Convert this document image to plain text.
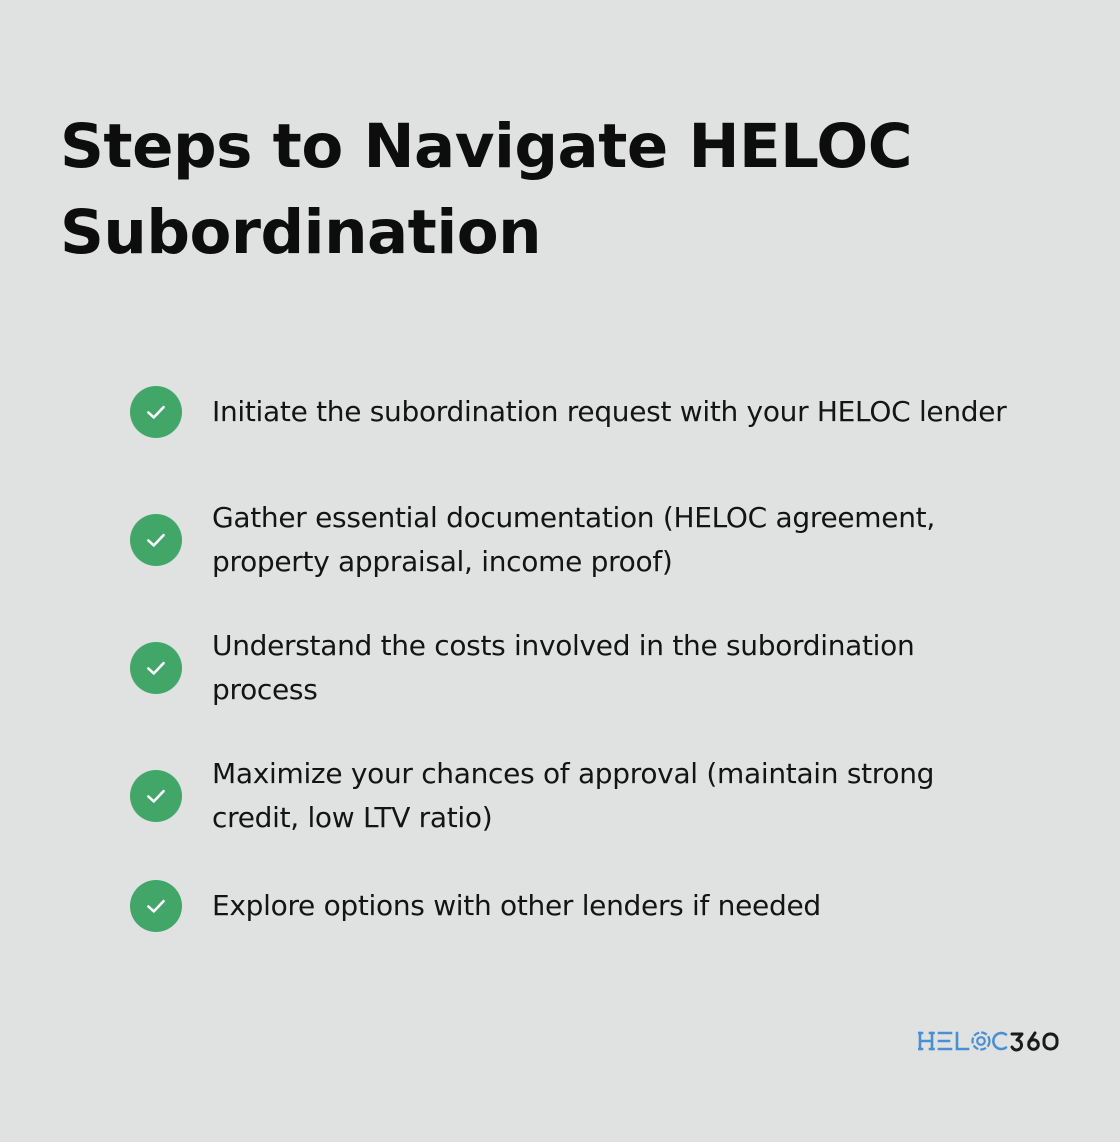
Steps to Navigate HELOC Subordination
Initiate the subordination request with your HELOC lender
Gather essential documentation (HELOC agreement, property appraisal, income proof)
Understand the costs involved in the subordination process
Maximize your chances of approval (maintain strong credit, low LTV ratio)
Explore options with other lenders if needed
